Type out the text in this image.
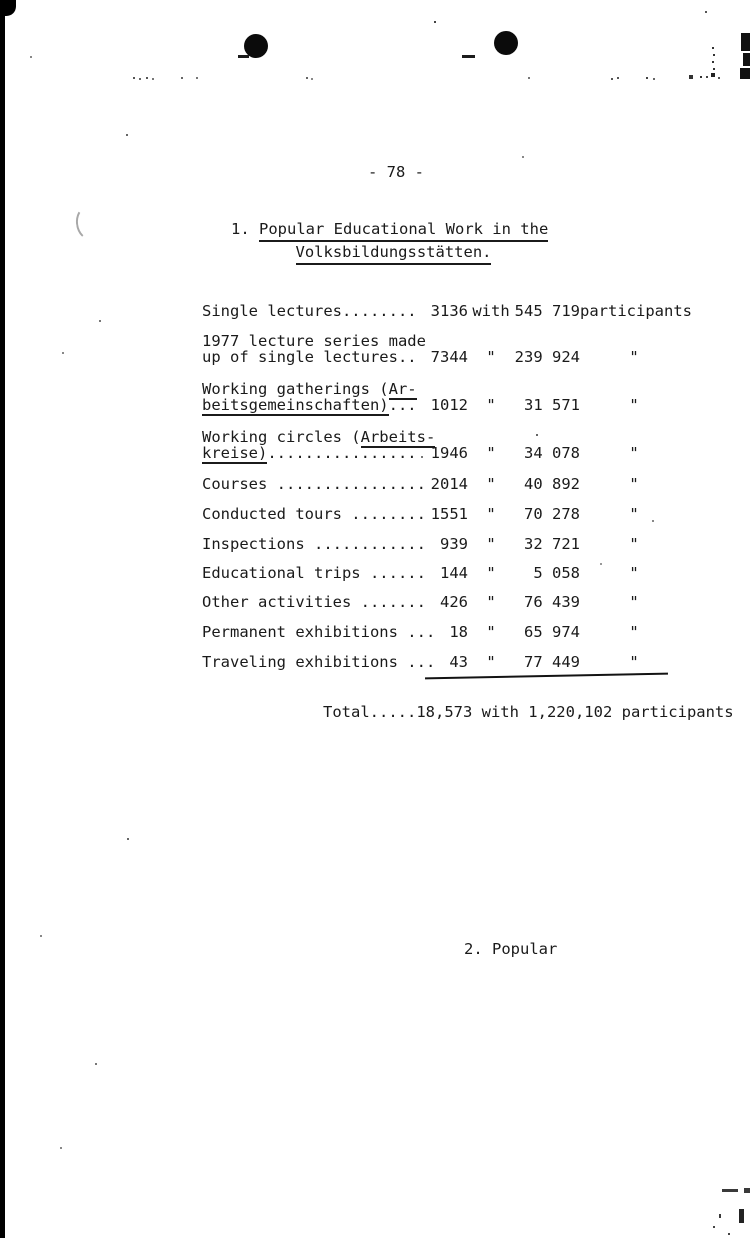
- 78 -
1. Popular Educational Work in the
Volksbildungsstätten.
Single lectures........ 3136 with 545 719 participants
1977 lecture series made
up of single lectures.. 7344	"	239 924	"
Working gatherings (Ar-
beitsgemeinschaften)... 1012	"	31 571	"
Working circles (Arbeits-
kreise)................ 1946	"	34 078	"
Courses ................ 2014	"	40 892	"
Conducted tours ........ 1551	"	70 278	"
Inspections ............ 939	"	32 721	"
Educational trips ...... 144	"	5 058	"
Other activities ....... 426	"	76 439	"
Permanent exhibitions ... 18	"	65 974	"
Traveling exhibitions ... 43	"	77 449	"
Total.....18,573 with 1,220,102 participants
2. Popular
